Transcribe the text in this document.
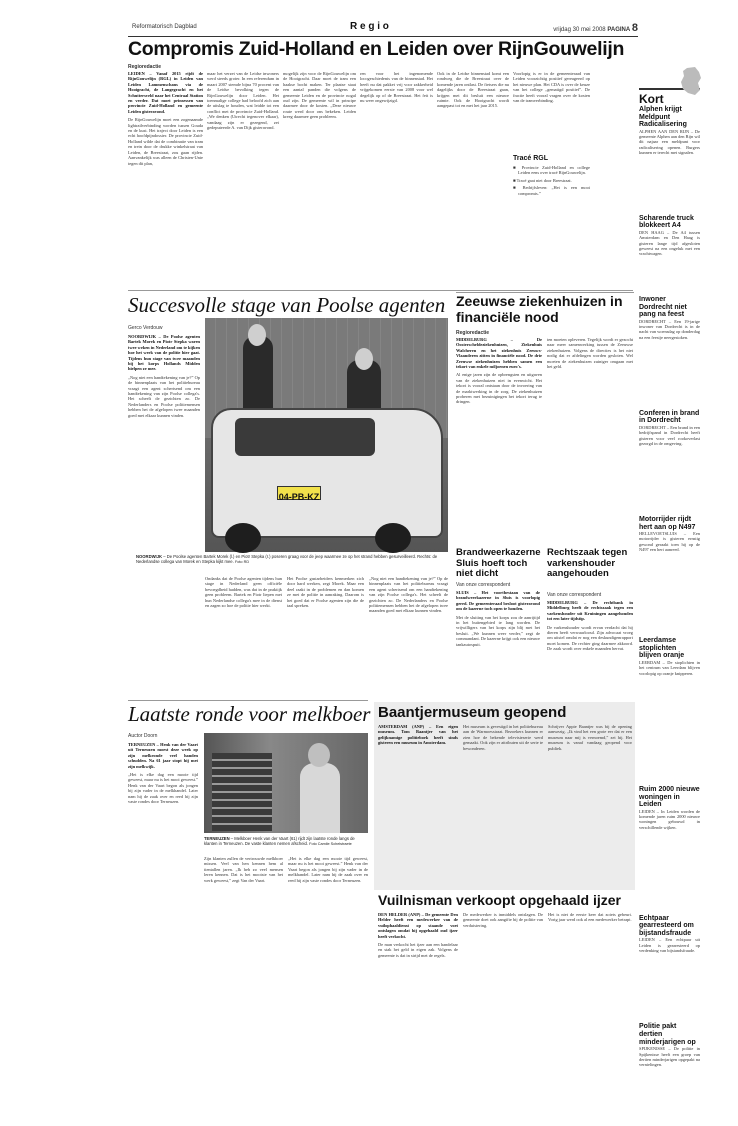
Reformatorisch Dagblad	R e g i o	vrijdag 30 mei 2008 PAGINA 8
Compromis Zuid-Holland en Leiden over RijnGouwelijn
Regioredactie

LEIDEN – Vanaf 2015 rijdt de RijnGouwelijn (RGL) in Leiden van Leiden Lammenschans via de Hooigracht, de Langegracht en het Schuttersveld naar het Centraal Station en verder. Dat moet prinsessen van provincie Zuid-Holland en gemeente Leiden gisteravond.

De RijnGouwelijn moet een zogenaamde lightrailverbinding worden tussen Gouda en de kust. Het traject door Leiden is een echt hoofdpijndossier. De provincie Zuid-Holland wilde dat de combinatie van tram en trein door de drukke winkelstraat van Leiden, de Breestraat, zou gaan rijden. Aanvankelijk was alleen de Christen-Unie tegen dit plan,

maar het verzet van de Leidse inwoners werd steeds groter. In een referendum in maart 2007 stemde bijna 70 procent van de Leidse bevolking tegen de RijnGouwelijn door Leiden. Het toenmalige college had beloofd zich aan de uitslag te houden, wat leidde tot een conflict met de provincie Zuid-Holland. „We denken (Utrecht tegenover elkaar), vandaag zijn er gezegend, zei gedeputeerde A. van Dijk gisteravond.
mogelijk zijn voor de RijnGouwelijn om de Hooigracht. Daar moet de tram een haakse bocht maken. Ter plaatse staat een aantal panden die volgens de gemeente Leiden en de provincie nogal oud zijn. De gemeente wil in principe daarmee door de kosten. „Deze nieuwe route werd door ons bekeken. Leiden kreeg daarmee geen probleem.
ren voor het ingenomende locogeschiedenis van de binnenstad. Het heeft nu dat pakket vrij voor zakkerheid vrijgekomen eerste van 2008 voor wel degelijk op of de Breestraat. Het feit is nu weer ongewijzigd.
Ook in de Leidse binnenstad komt een rondweg die de Breestraat over de komende jaren ontlast. De fietsers die nu dagelijks door de Breestraat gaan, krijgen met dit besluit een nieuwe ruimte. Ook de Hooigracht wordt aangepast tot en met het jaar 2015.

Voorlopig is er in de gemeenteraad van Leiden voorzichtig positief gereageerd op het nieuwe plan. Het CDA is over de keuze van het college „gematigd positief”. De fractie heeft vooral vragen over de kosten van de tramverbinding.

Tracé RGL
■ Provincie Zuid-Holland en college Leiden eens over tracé RijnGouwelijn.
■ Tracé gaat niet door Breestraat.
■ Bedrijfsleven: „Het is een mooi compromis.”
Kort
Alphen krijgt Meldpunt Radicalisering
ALPHEN AAN DEN RIJN – De gemeente Alphen aan den Rijn wil dit najaar een meldpunt voor radicalisering openen. Burgers kunnen er terecht met signalen.
Scharende truck blokkeert A4
DEN HAAG – De A4 tussen Amsterdam en Den Haag is gisteren lange tijd afgesloten geweest na een ongeluk met een vrachtwagen.
Inwoner Dordrecht niet pang na feest
DORDRECHT – Een 19-jarige inwoner van Dordrecht is in de nacht van woensdag op donderdag na een feestje neergestoken.
Conferen in brand in Dordrecht
DORDRECHT – Een brand in een bedrijfspand in Dordrecht heeft gisteren voor veel rookoverlast gezorgd in de omgeving.
Motorrijder rijdt hert aan op N497
HELLEVOETSLUIS – Een motorrijder is gisteren ernstig gewond geraakt toen hij op de N497 een hert aanreed.
Leerdamse stoplichten blijven oranje
LEERDAM – De stoplichten in het centrum van Leerdam blijven voorlopig op oranje knipperen.
Ruim 2000 nieuwe woningen in Leiden
LEIDEN – In Leiden worden de komende jaren ruim 2000 nieuwe woningen gebouwd in verschillende wijken.
Echtpaar gearresteerd om bijstandsfraude
LEIDEN – Een echtpaar uit Leiden is gearresteerd op verdenking van bijstandsfraude.
Politie pakt dertien minderjarigen op
SPIJKENISSE – De politie in Spijkenisse heeft een groep van dertien minderjarigen opgepakt na vernielingen.
Succesvolle stage van Poolse agenten
Gerco Verdouw

NOORDWIJK – De Poolse agenten Bartek Morek en Piotr Stepka waren twee weken in Nederland om te kijken hoe het werk van de politie hier gaat. Tijdens hun stage van twee maanden bij het korps Hollands Midden hielpen ze mee.

„Nog niet een handtekening van je?” Op de binnenplaats van het politiebureau vraagt een agent schertsend om een handtekening van zijn Poolse collega's. Het scheelt de gezichten zo. De Nederlanders en Poolse politiemensen hebben het de afgelopen twee maanden goed met elkaar kunnen vinden.

04-PB-KZ
NOORDWIJK – De Poolse agenten Bartek Morek (l.) en Piotr Stepka (r.) poseren graag voor de jeep waarmee ze op het strand hebben gesurveilleerd. Rechts: de Nederlandse collega van Morek en Stepka kijkt mee. Foto RD
Ondanks dat de Poolse agenten tijdens hun stage in Nederland geen officiële bevoegdheid hadden, was dat in de praktijk geen probleem. Bartek en Piotr liepen met hun Nederlandse collega's mee in de dienst en zagen zo hoe de politie hier werkt.
Het Poolse gastarbeiders kenmerken zich door hard werken, zegt Morek. Maar een deel raakt in de problemen en dan komen ze met de politie in aanraking. Daarom is het goed dat er Poolse agenten zijn die de taal spreken.

„Nog niet een handtekening van je?” Op de binnenplaats van het politiebureau vraagt een agent schertsend om een handtekening van zijn Poolse collega's. Het scheelt de gezichten zo. De Nederlanders en Poolse politiemensen hebben het de afgelopen twee maanden goed met elkaar kunnen vinden.

Zeeuwse ziekenhuizen in financiële nood
Regioredactie

MIDDELBURG – De Oosterscheldeziekenhuizen, Ziekenhuis Walcheren en het ziekenhuis Zeeuws-Vlaanderen zitten in financiële nood. De drie Zeeuwse ziekenhuizen hebben samen een tekort van enkele miljoenen euro's.

Al enige jaren zijn de opbrengsten en uitgaven van de ziekenhuizen niet in evenwicht. Het tekort is vooral ontstaan door de invoering van de marktwerking in de zorg. De ziekenhuizen proberen met bezuinigingen het tekort terug te dringen.

ten moeten opleveren. Tegelijk wordt er gezocht naar meer samenwerking tussen de Zeeuwse ziekenhuizen. Volgens de directies is het niet nodig dat er afdelingen worden gesloten. Wel moeten de ziekenhuizen zuiniger omgaan met het geld.
Brandweerkazerne Sluis hoeft toch niet dicht
Van onze correspondent

SLUIS – Het voortbestaan van de brandweerkazerne in Sluis is voorlopig gered. De gemeenteraad besloot gisteravond om de kazerne toch open te houden.

Met de sluiting van het korps zou de aanrijtijd in het buitengebied te lang worden. De vrijwilligers van het korps zijn blij met het besluit. „We kunnen weer verder,” zegt de commandant. De kazerne krijgt ook een nieuwe tankautospuit.

Rechtszaak tegen varkenshouder aangehouden
Van onze correspondent

MIDDELBURG – De rechtbank in Middelburg heeft de rechtszaak tegen een varkenshouder uit Kruiningen aangehouden tot een later tijdstip.

De varkenshouder wordt ervan verdacht dat hij dieren heeft verwaarloosd. Zijn advocaat vroeg om uitstel omdat er nog een deskundigenrapport moet komen. De rechter ging daarmee akkoord. De zaak wordt over enkele maanden hervat.

Laatste ronde voor melkboer
Auctor Doorn

TERNEUZEN – Henk van der Vaart uit Terneuzen moest deze week op zijn melkronde veel handen schudden. Na 61 jaar stopt hij met zijn melkwijk.

„Het is elke dag een mooie tijd geweest, maar nu is het mooi geweest.” Henk van der Vaart begon als jongen bij zijn vader in de melkhandel. Later nam hij de zaak over en reed hij zijn vaste rondes door Terneuzen.

TERNEUZEN – Melkboer Henk van der Vaart (61) rijdt zijn laatste ronde langs de klanten in Terneuzen. De vaste klanten nemen afscheid. Foto Camile Schelstraete
Zijn klanten zullen de vertrouwde melkboer missen. Veel van hen kennen hem al tientallen jaren. „Ik heb zo veel mensen leren kennen. Dat is het mooiste van het werk geweest,” zegt Van der Vaart.

„Het is elke dag een mooie tijd geweest, maar nu is het mooi geweest.” Henk van der Vaart begon als jongen bij zijn vader in de melkhandel. Later nam hij de zaak over en reed hij zijn vaste rondes door Terneuzen.

Baantjermuseum geopend

AMSTERDAM (ANP) – Een eigen museum. Tom Baantjer van het gelijknamige politieboek heeft sinds gisteren een museum in Amsterdam.

Het museum is gevestigd in het politiebureau aan de Warmoesstraat. Bezoekers kunnen er zien hoe de bekende televisieserie werd gemaakt. Ook zijn er attributen uit de serie te bewonderen.
Schrijver Appie Baantjer was bij de opening aanwezig. „Ik vind het een grote eer dat er een museum naar mij is vernoemd,” zei hij. Het museum is vanaf vandaag geopend voor publiek.
Vuilnisman verkoopt opgehaald ijzer

DEN HELDER (ANP) – De gemeente Den Helder heeft een medewerker van de vuilophaaldienst op staande voet ontslagen omdat hij opgehaald oud ijzer heeft verkocht.

De man verkocht het ijzer aan een handelaar en stak het geld in eigen zak. Volgens de gemeente is dat in strijd met de regels.

De medewerker is inmiddels ontslagen. De gemeente doet ook aangifte bij de politie van verduistering.
Het is niet de eerste keer dat zoiets gebeurt. Vorig jaar werd ook al een medewerker betrapt.
